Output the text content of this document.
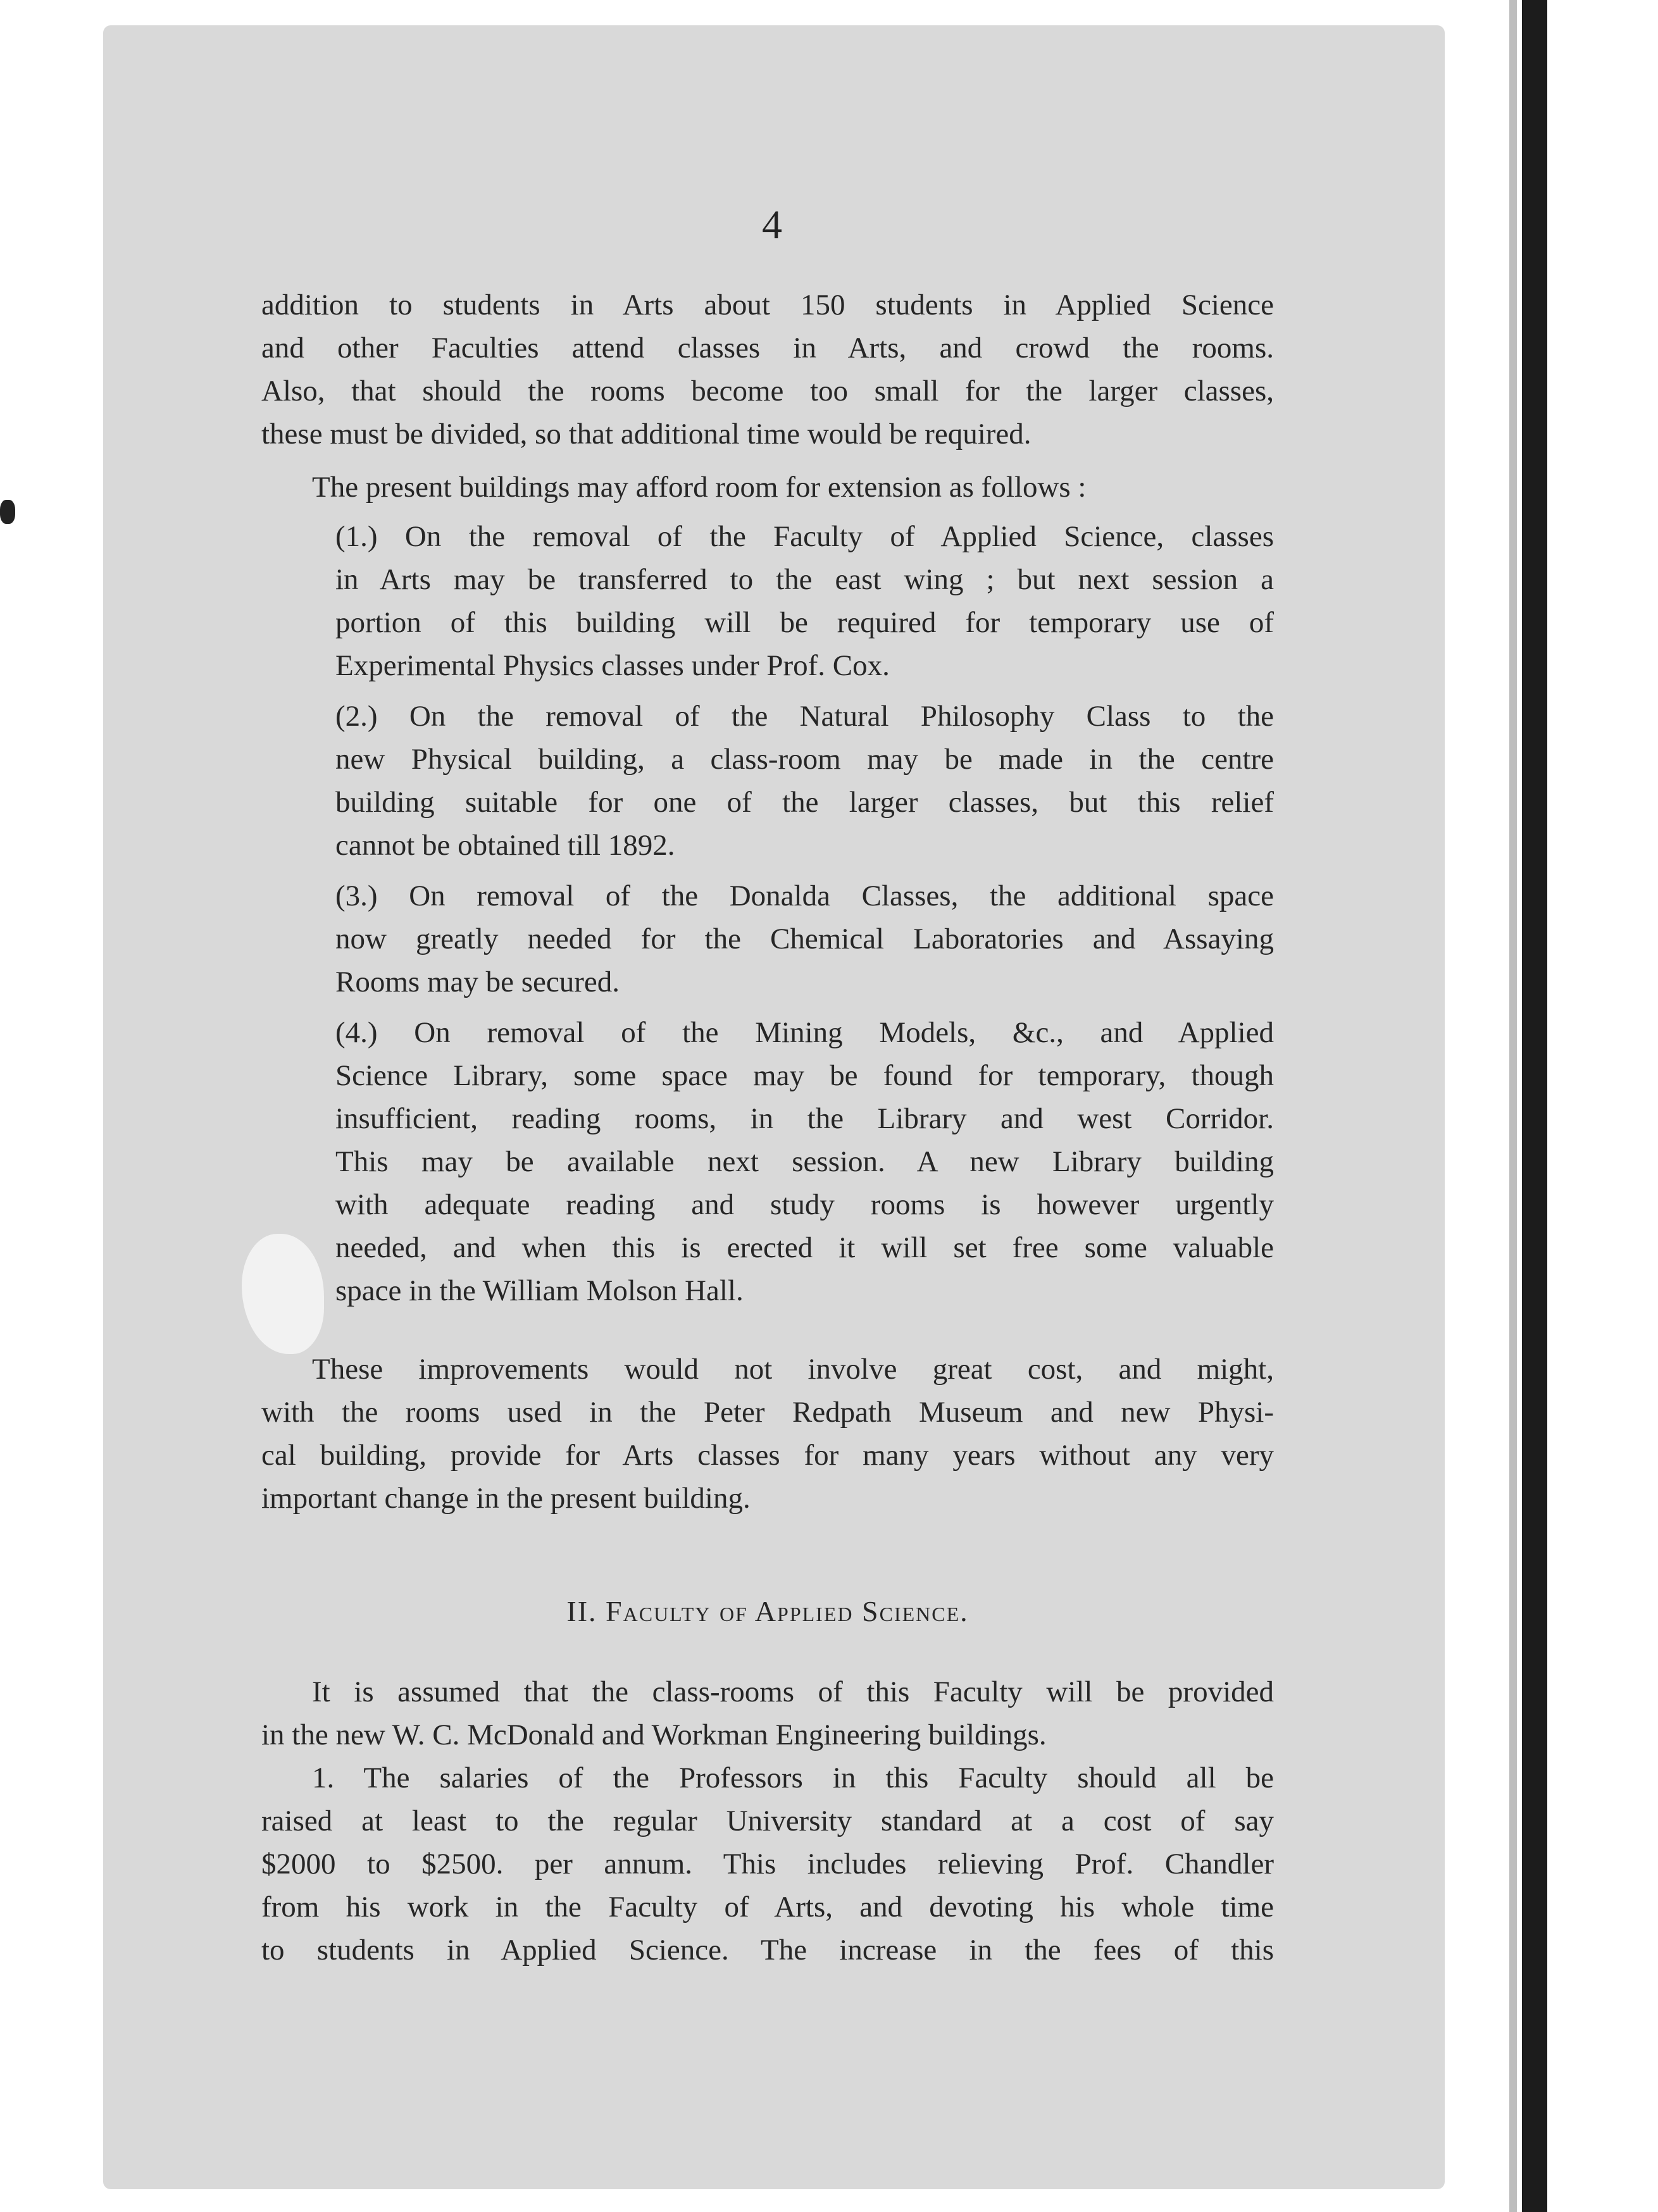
4
addition to students in Arts about 150 students in Applied Science
and other Faculties attend classes in Arts, and crowd the rooms.
Also, that should the rooms become too small for the larger classes,
these must be divided, so that additional time would be required.
The present buildings may afford room for extension as follows :
(1.) On the removal of the Faculty of Applied Science, classes
in Arts may be transferred to the east wing ; but next session a
portion of this building will be required for temporary use of
Experimental Physics classes under Prof. Cox.
(2.) On the removal of the Natural Philosophy Class to the
new Physical building, a class-room may be made in the centre
building suitable for one of the larger classes, but this relief
cannot be obtained till 1892.
(3.) On removal of the Donalda Classes, the additional space
now greatly needed for the Chemical Laboratories and Assaying
Rooms may be secured.
(4.) On removal of the Mining Models, &c., and Applied
Science Library, some space may be found for temporary, though
insufficient, reading rooms, in the Library and west Corridor.
This may be available next session. A new Library building
with adequate reading and study rooms is however urgently
needed, and when this is erected it will set free some valuable
space in the William Molson Hall.
These improvements would not involve great cost, and might,
with the rooms used in the Peter Redpath Museum and new Physi-
cal building, provide for Arts classes for many years without any very
important change in the present building.
II. Faculty of Applied Science.
It is assumed that the class-rooms of this Faculty will be provided
in the new W. C. McDonald and Workman Engineering buildings.
1. The salaries of the Professors in this Faculty should all be
raised at least to the regular University standard at a cost of say
$2000 to $2500. per annum. This includes relieving Prof. Chandler
from his work in the Faculty of Arts, and devoting his whole time
to students in Applied Science. The increase in the fees of this
